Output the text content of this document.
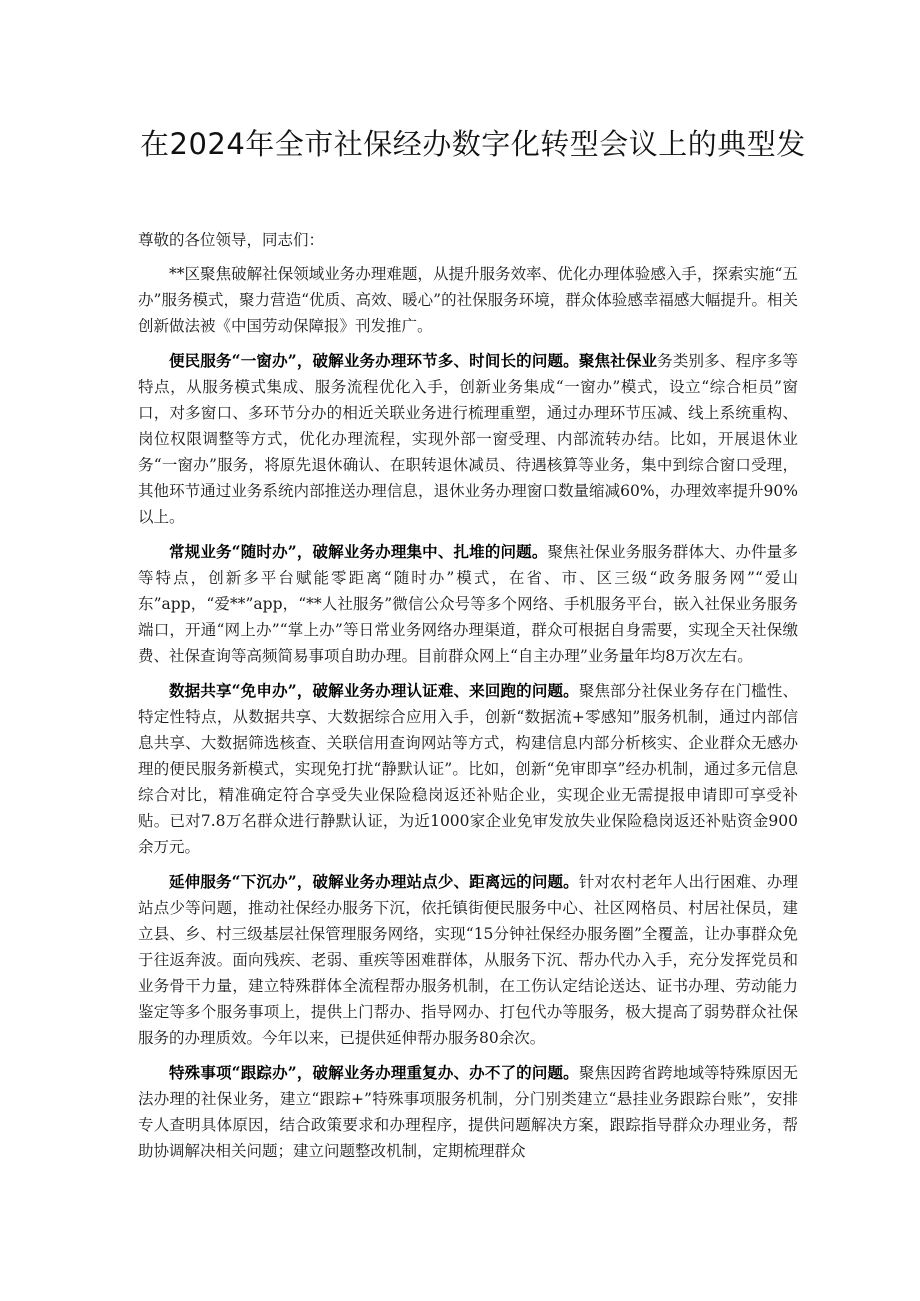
在2024年全市社保经办数字化转型会议上的典型发

尊敬的各位领导，同志们：

**区聚焦破解社保领域业务办理难题，从提升服务效率、优化办理体验感入手，探索实施“五办”服务模式，聚力营造“优质、高效、暖心”的社保服务环境，群众体验感幸福感大幅提升。相关创新做法被《中国劳动保障报》刊发推广。

便民服务“一窗办”，破解业务办理环节多、时间长的问题。聚焦社保业务类别多、程序多等特点，从服务模式集成、服务流程优化入手，创新业务集成“一窗办”模式，设立“综合柜员”窗口，对多窗口、多环节分办的相近关联业务进行梳理重塑，通过办理环节压减、线上系统重构、岗位权限调整等方式，优化办理流程，实现外部一窗受理、内部流转办结。比如，开展退休业务“一窗办”服务，将原先退休确认、在职转退休减员、待遇核算等业务，集中到综合窗口受理，其他环节通过业务系统内部推送办理信息，退休业务办理窗口数量缩减60%，办理效率提升90%以上。

常规业务“随时办”，破解业务办理集中、扎堆的问题。聚焦社保业务服务群体大、办件量多等特点，创新多平台赋能零距离“随时办”模式，在省、市、区三级“政务服务网”“爱山东”app，“爱**”app，“**人社服务”微信公众号等多个网络、手机服务平台，嵌入社保业务服务端口，开通“网上办”“掌上办”等日常业务网络办理渠道，群众可根据自身需要，实现全天社保缴费、社保查询等高频简易事项自助办理。目前群众网上“自主办理”业务量年均8万次左右。

数据共享“免申办”，破解业务办理认证难、来回跑的问题。聚焦部分社保业务存在门槛性、特定性特点，从数据共享、大数据综合应用入手，创新“数据流+零感知”服务机制，通过内部信息共享、大数据筛选核查、关联信用查询网站等方式，构建信息内部分析核实、企业群众无感办理的便民服务新模式，实现免打扰“静默认证”。比如，创新“免审即享”经办机制，通过多元信息综合对比，精准确定符合享受失业保险稳岗返还补贴企业，实现企业无需提报申请即可享受补贴。已对7.8万名群众进行静默认证，为近1000家企业免审发放失业保险稳岗返还补贴资金900余万元。

延伸服务“下沉办”，破解业务办理站点少、距离远的问题。针对农村老年人出行困难、办理站点少等问题，推动社保经办服务下沉，依托镇街便民服务中心、社区网格员、村居社保员，建立县、乡、村三级基层社保管理服务网络，实现“15分钟社保经办服务圈”全覆盖，让办事群众免于往返奔波。面向残疾、老弱、重疾等困难群体，从服务下沉、帮办代办入手，充分发挥党员和业务骨干力量，建立特殊群体全流程帮办服务机制，在工伤认定结论送达、证书办理、劳动能力鉴定等多个服务事项上，提供上门帮办、指导网办、打包代办等服务，极大提高了弱势群众社保服务的办理质效。今年以来，已提供延伸帮办服务80余次。

特殊事项“跟踪办”，破解业务办理重复办、办不了的问题。聚焦因跨省跨地域等特殊原因无法办理的社保业务，建立“跟踪+”特殊事项服务机制，分门别类建立“悬挂业务跟踪台账”，安排专人查明具体原因，结合政策要求和办理程序，提供问题解决方案，跟踪指导群众办理业务，帮助协调解决相关问题；建立问题整改机制，定期梳理群众
